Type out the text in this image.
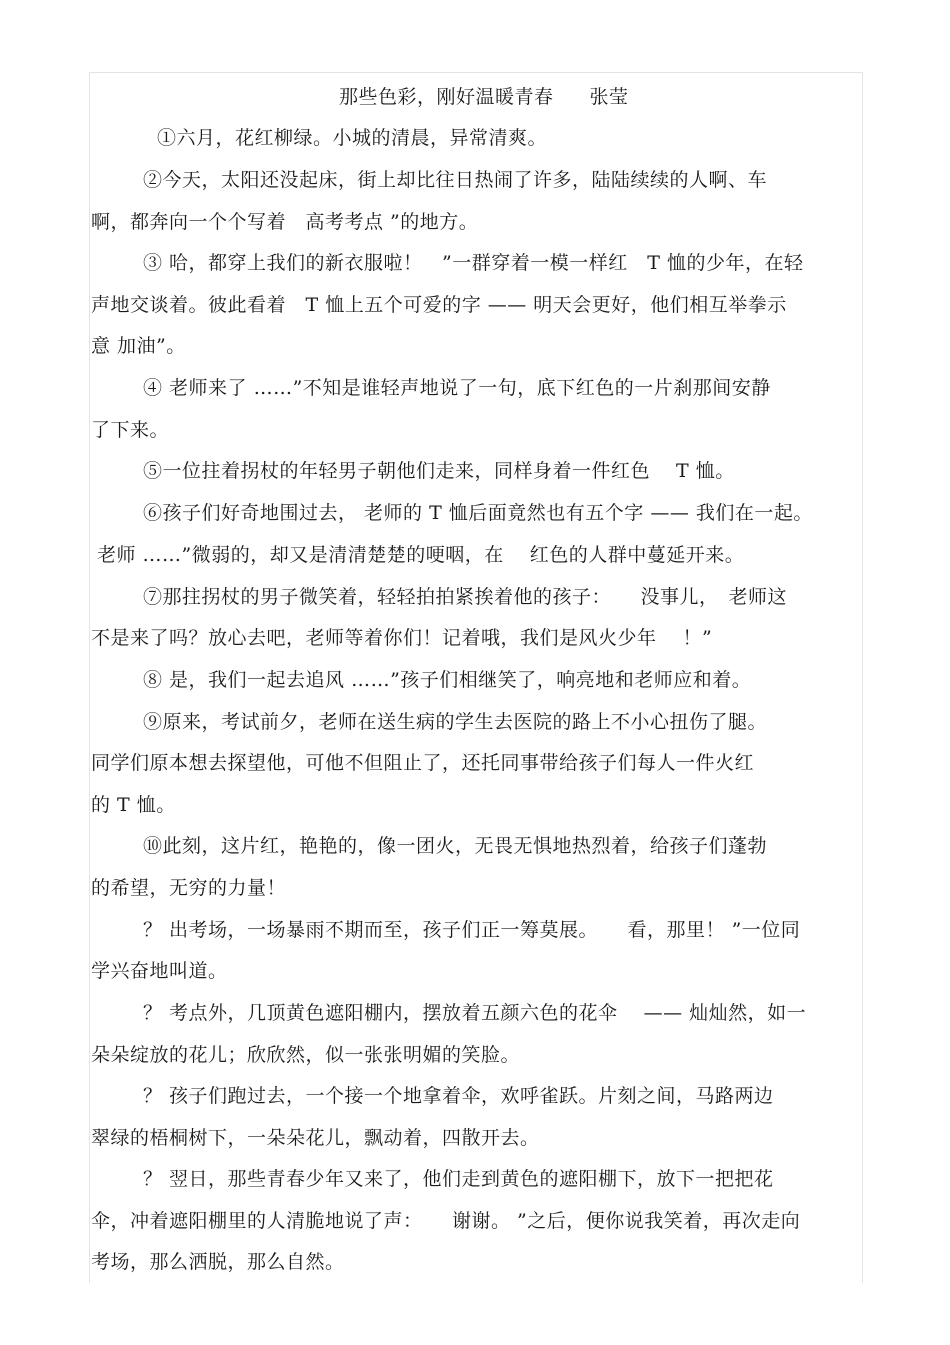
那些色彩，刚好温暖青春 张莹
①六月，花红柳绿。小城的清晨，异常清爽。
②今天，太阳还没起床，街上却比往日热闹了许多，陆陆续续的人啊、车
啊，都奔向一个个写着　高考考点 ”的地方。
③ 哈，都穿上我们的新衣服啦！　”一群穿着一模一样红　T 恤的少年，在轻
声地交谈着。彼此看着　T 恤上五个可爱的字 —— 明天会更好，他们相互举拳示
意 加油”。
④ 老师来了 ……”不知是谁轻声地说了一句，底下红色的一片刹那间安静
了下来。
⑤一位拄着拐杖的年轻男子朝他们走来，同样身着一件红色　 T 恤。
⑥孩子们好奇地围过去， 老师的 T 恤后面竟然也有五个字 —— 我们在一起。
老师 ……”微弱的，却又是清清楚楚的哽咽，在　 红色的人群中蔓延开来。
⑦那拄拐杖的男子微笑着，轻轻拍拍紧挨着他的孩子：　　没事儿，　老师这
不是来了吗？放心去吧，老师等着你们！记着哦，我们是风火少年　 ！”
⑧ 是，我们一起去追风 ……”孩子们相继笑了，响亮地和老师应和着。
⑨原来，考试前夕，老师在送生病的学生去医院的路上不小心扭伤了腿。
同学们原本想去探望他，可他不但阻止了，还托同事带给孩子们每人一件火红
的 T 恤。
⑩此刻，这片红，艳艳的，像一团火，无畏无惧地热烈着，给孩子们蓬勃
的希望，无穷的力量！
？ 出考场，一场暴雨不期而至，孩子们正一筹莫展。　　看，那里！ ”一位同
学兴奋地叫道。
？ 考点外，几顶黄色遮阳棚内，摆放着五颜六色的花伞　 —— 灿灿然，如一
朵朵绽放的花儿；欣欣然，似一张张明媚的笑脸。
？ 孩子们跑过去，一个接一个地拿着伞，欢呼雀跃。片刻之间，马路两边
翠绿的梧桐树下，一朵朵花儿，飘动着，四散开去。
？ 翌日，那些青春少年又来了，他们走到黄色的遮阳棚下，放下一把把花
伞，冲着遮阳棚里的人清脆地说了声：　　谢谢。 ”之后，便你说我笑着，再次走向
考场，那么洒脱，那么自然。
